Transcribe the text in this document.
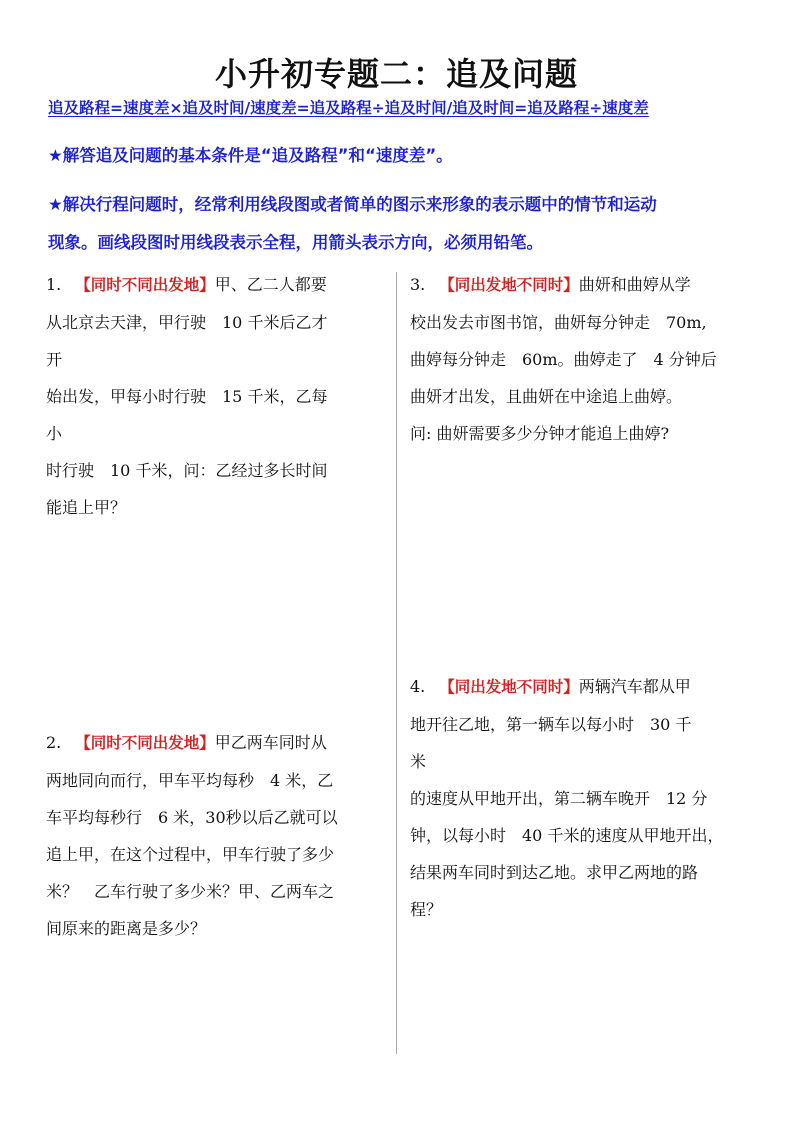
小升初专题二：追及问题

追及路程=速度差×追及时间/速度差=追及路程÷追及时间/追及时间=追及路程÷速度差

★解答追及问题的基本条件是“追及路程”和“速度差”。

★解决行程问题时，经常利用线段图或者简单的图示来形象的表示题中的情节和运动
现象。画线段图时用线段表示全程，用箭头表示方向，必须用铅笔。

1. 【同时不同出发地】甲、乙二人都要
从北京去天津，甲行驶　10 千米后乙才
开
始出发，甲每小时行驶　15 千米，乙每
小
时行驶　10 千米，问：乙经过多长时间
能追上甲？
2. 【同时不同出发地】甲乙两车同时从
两地同向而行，甲车平均每秒　4 米，乙
车平均每秒行　6 米，30秒以后乙就可以
追上甲，在这个过程中，甲车行驶了多少
米？　乙车行驶了多少米？甲、乙两车之
间原来的距离是多少？
3. 【同出发地不同时】曲妍和曲婷从学
校出发去市图书馆，曲妍每分钟走　70m,
曲婷每分钟走　60m。曲婷走了　4 分钟后
曲妍才出发，且曲妍在中途追上曲婷。
问: 曲妍需要多少分钟才能追上曲婷?
4. 【同出发地不同时】两辆汽车都从甲
地开往乙地，第一辆车以每小时　30 千
米
的速度从甲地开出，第二辆车晚开　12 分
钟，以每小时　40 千米的速度从甲地开出，
结果两车同时到达乙地。求甲乙两地的路
程？
